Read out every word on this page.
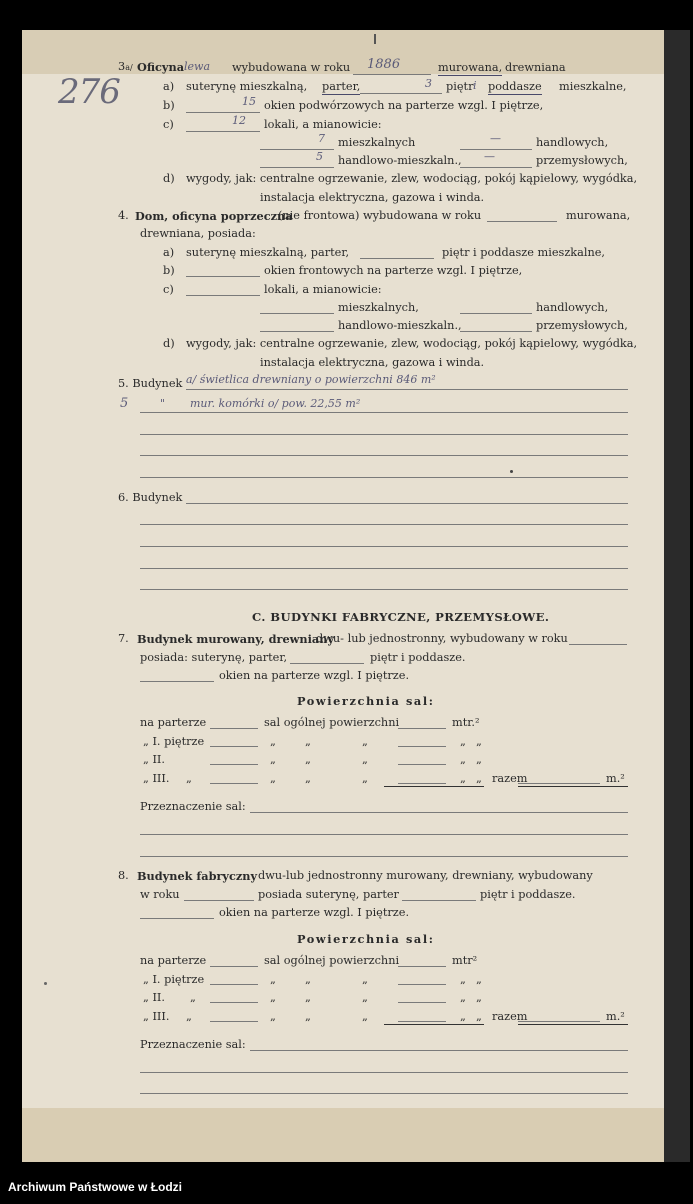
276
3a/ Oficyna lewa wybudowana w roku 1886	murowana, drewniana
a) suterynę mieszkalną, parter,	3 piętr i poddasze mieszkalne,
b)	15 okien podwórzowych na parterze wzgl. I piętrze,
c)	12 lokali, a mianowicie:
7 mieszkalnych	—	handlowych,
5 handlowo-mieszkaln., —	przemysłowych,
d) wygody, jak: centralne ogrzewanie, zlew, wodociąg, pokój kąpielowy, wygódka,
instalacja elektryczna, gazowa i winda.
4. Dom, oficyna poprzeczna
(nie frontowa) wybudowana w roku	murowana,
drewniana, posiada:
a) suterynę mieszkalną, parter,	piętr i poddasze mieszkalne,
b)	okien frontowych na parterze wzgl. I piętrze,
c)	lokali, a mianowicie:
mieszkalnych,	handlowych,
handlowo-mieszkaln.,	przemysłowych,
d) wygody, jak: centralne ogrzewanie, zlew, wodociąg, pokój kąpielowy, wygódka,
instalacja elektryczna, gazowa i winda.
5. Budynek a/ świetlica drewniany o powierzchni 846 m²
5	" mur. komórki o/ pow. 22,55 m²
6. Budynek
C. BUDYNKI FABRYCZNE, PRZEMYSŁOWE.
7. Budynek murowany, drewniany
dwu- lub jednostronny, wybudowany w roku
posiada: suterynę, parter,	piętr i poddasze.
okien na parterze wzgl. I piętrze.
Powierzchnia sal:
na parterze	sal ogólnej powierzchni	mtr.²
„ I. piętrze	„	„	„	„ „
„ II.	„	„	„	„ „
„ III. „	„	„	„	„ „ razem	m.²
Przeznaczenie sal:
8. Budynek fabryczny dwu-lub jednostronny murowany, drewniany, wybudowany
w roku	posiada suterynę, parter	piętr i poddasze.
okien na parterze wzgl. I piętrze.
Powierzchnia sal:
na parterze	sal ogólnej powierzchni	mtr²
„ I. piętrze	„	„	„	„ „
„ II. „	„	„	„	„ „
„ III. „	„	„	„	„ „ razem	m.²
Przeznaczenie sal:
Archiwum Państwowe w Łodzi
